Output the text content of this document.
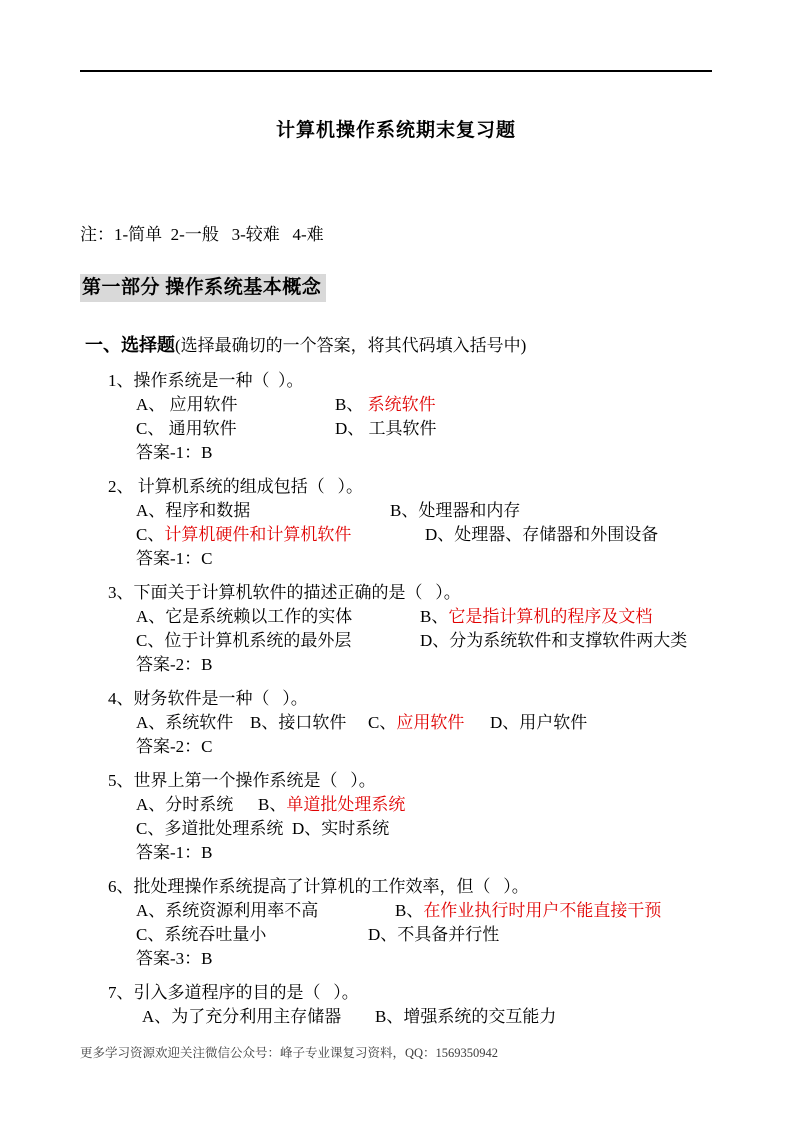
计算机操作系统期末复习题
注：1-简单  2-一般   3-较难   4-难
第一部分 操作系统基本概念
一、选择题(选择最确切的一个答案，将其代码填入括号中)
1、操作系统是一种（  ）。
A、 应用软件	B、 系统软件
C、 通用软件	D、 工具软件
答案-1：B
2、 计算机系统的组成包括（   ）。
A、程序和数据	B、处理器和内存
C、计算机硬件和计算机软件	D、处理器、存储器和外围设备
答案-1：C
3、下面关于计算机软件的描述正确的是（   ）。
A、它是系统赖以工作的实体	B、它是指计算机的程序及文档
C、位于计算机系统的最外层	D、分为系统软件和支撑软件两大类
答案-2：B
4、财务软件是一种（   ）。
A、系统软件 B、接口软件 C、应用软件 D、用户软件
答案-2：C
5、世界上第一个操作系统是（   ）。
A、分时系统 B、单道批处理系统
C、多道批处理系统 D、实时系统
答案-1：B
6、批处理操作系统提高了计算机的工作效率，但（   ）。
A、系统资源利用率不高	B、在作业执行时用户不能直接干预
C、系统吞吐量小	D、不具备并行性
答案-3：B
7、引入多道程序的目的是（   ）。
A、为了充分利用主存储器 B、增强系统的交互能力
更多学习资源欢迎关注微信公众号：峰子专业课复习资料，QQ：1569350942
